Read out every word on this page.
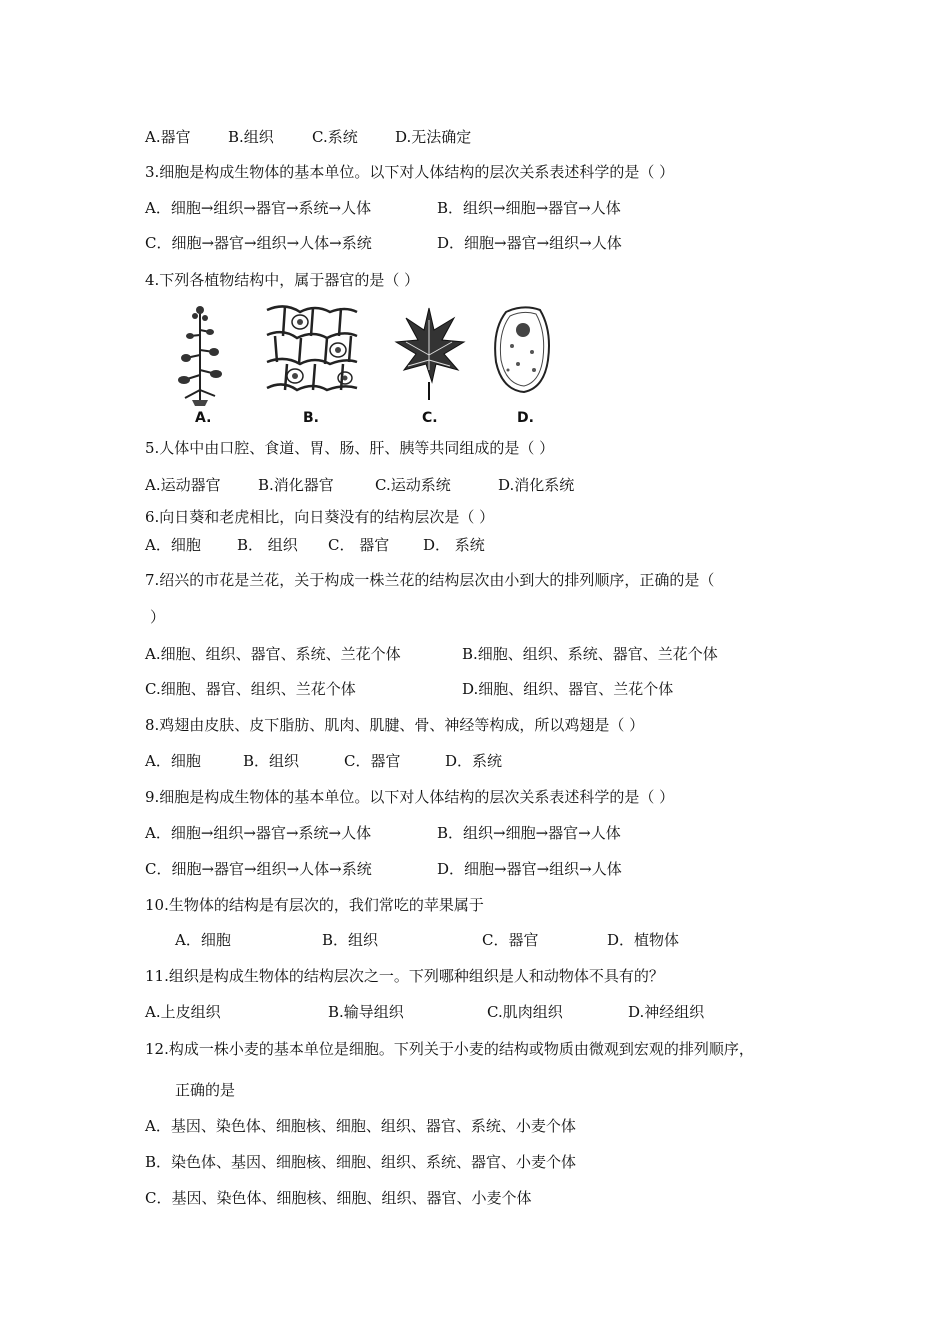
A.器官 B.组织	C.系统 D.无法确定
3.细胞是构成生物体的基本单位。以下对人体结构的层次关系表述科学的是（ ）
A．细胞→组织→器官→系统→人体	B．组织→细胞→器官→人体
C．细胞→器官→组织→人体→系统	D．细胞→器官→组织→人体
4.下列各植物结构中，属于器官的是（ ）
5.人体中由口腔、食道、胃、肠、肝、胰等共同组成的是（ ）
A.运动器官 B.消化器官	C.运动系统	D.消化系统
6.向日葵和老虎相比，向日葵没有的结构层次是（ ）
A．细胞 B． 组织 C． 器官 D． 系统
7.绍兴的市花是兰花，关于构成一株兰花的结构层次由小到大的排列顺序，正确的是（
）
A.细胞、组织、器官、系统、兰花个体	B.细胞、组织、系统、器官、兰花个体
C.细胞、器官、组织、兰花个体	D.细胞、组织、器官、兰花个体
8.鸡翅由皮肤、皮下脂肪、肌肉、肌腱、骨、神经等构成，所以鸡翅是（ ）
A．细胞	B．组织	C．器官	D．系统
9.细胞是构成生物体的基本单位。以下对人体结构的层次关系表述科学的是（ ）
A．细胞→组织→器官→系统→人体	B．组织→细胞→器官→人体
C．细胞→器官→组织→人体→系统	D．细胞→器官→组织→人体
10.生物体的结构是有层次的，我们常吃的苹果属于
A．细胞	B．组织	C．器官	D．植物体
11.组织是构成生物体的结构层次之一。下列哪种组织是人和动物体不具有的？
A.上皮组织	B.输导组织	C.肌肉组织	D.神经组织
12.构成一株小麦的基本单位是细胞。下列关于小麦的结构或物质由微观到宏观的排列顺序，
正确的是
A．基因、染色体、细胞核、细胞、组织、器官、系统、小麦个体
B．染色体、基因、细胞核、细胞、组织、系统、器官、小麦个体
C．基因、染色体、细胞核、细胞、组织、器官、小麦个体
A.	B.	C.	D.
